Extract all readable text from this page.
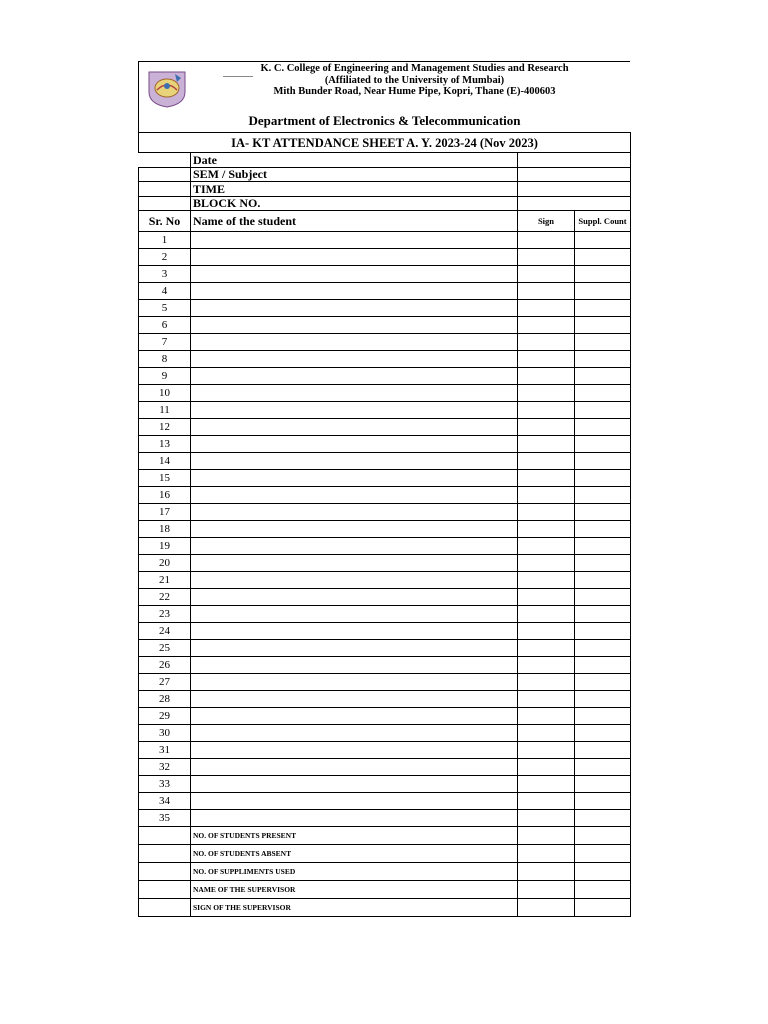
K. C. College of Engineering and Management Studies and Research
(Affiliated to the University of Mumbai)
Mith Bunder Road, Near Hume Pipe, Kopri, Thane (E)-400603
Department of Electronics & Telecommunication
IA- KT ATTENDANCE SHEET A. Y. 2023-24 (Nov 2023)			
	Date		
	SEM / Subject		
	TIME		
	BLOCK NO.		
Sr. No	Name of the student	Sign	Suppl. Count
1			
2			
3			
4			
5			
6			
7			
8			
9			
10			
11			
12			
13			
14			
15			
16			
17			
18			
19			
20			
21			
22			
23			
24			
25			
26			
27			
28			
29			
30			
31			
32			
33			
34			
35			
	NO. OF STUDENTS PRESENT		
	NO. OF STUDENTS ABSENT		
	NO. OF SUPPLIMENTS USED		
	NAME OF THE SUPERVISOR		
	SIGN OF THE SUPERVISOR		
